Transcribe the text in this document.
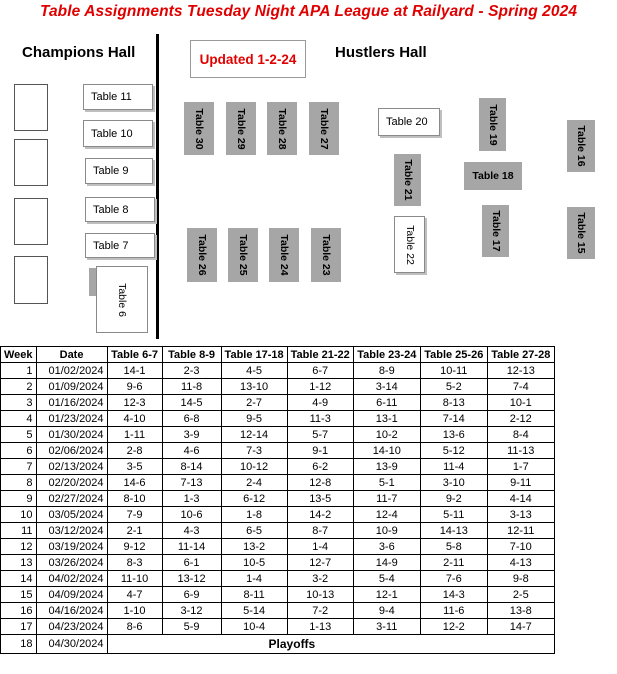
Table Assignments Tuesday Night APA League at Railyard - Spring 2024
Champions Hall	Hustlers Hall
Updated 1-2-24
Table 11
Table 10
Table 9
Table 8
Table 7
Table 6
Table 30	Table 29	Table 28	Table 27
Table 26	Table 25	Table 24	Table 23
Table 20
Table 21
Table 22
Table 19
Table 18
Table 17
Table 16
Table 15
Week	Date	Table 6-7	Table 8-9	Table 17-18	Table 21-22	Table 23-24	Table 25-26	Table 27-28
1	01/02/2024	14-1	2-3	4-5	6-7	8-9	10-11	12-13
2	01/09/2024	9-6	11-8	13-10	1-12	3-14	5-2	7-4
3	01/16/2024	12-3	14-5	2-7	4-9	6-11	8-13	10-1
4	01/23/2024	4-10	6-8	9-5	11-3	13-1	7-14	2-12
5	01/30/2024	1-11	3-9	12-14	5-7	10-2	13-6	8-4
6	02/06/2024	2-8	4-6	7-3	9-1	14-10	5-12	11-13
7	02/13/2024	3-5	8-14	10-12	6-2	13-9	11-4	1-7
8	02/20/2024	14-6	7-13	2-4	12-8	5-1	3-10	9-11
9	02/27/2024	8-10	1-3	6-12	13-5	11-7	9-2	4-14
10	03/05/2024	7-9	10-6	1-8	14-2	12-4	5-11	3-13
11	03/12/2024	2-1	4-3	6-5	8-7	10-9	14-13	12-11
12	03/19/2024	9-12	11-14	13-2	1-4	3-6	5-8	7-10
13	03/26/2024	8-3	6-1	10-5	12-7	14-9	2-11	4-13
14	04/02/2024	11-10	13-12	1-4	3-2	5-4	7-6	9-8
15	04/09/2024	4-7	6-9	8-11	10-13	12-1	14-3	2-5
16	04/16/2024	1-10	3-12	5-14	7-2	9-4	11-6	13-8
17	04/23/2024	8-6	5-9	10-4	1-13	3-11	12-2	14-7
18	04/30/2024	Playoffs						
